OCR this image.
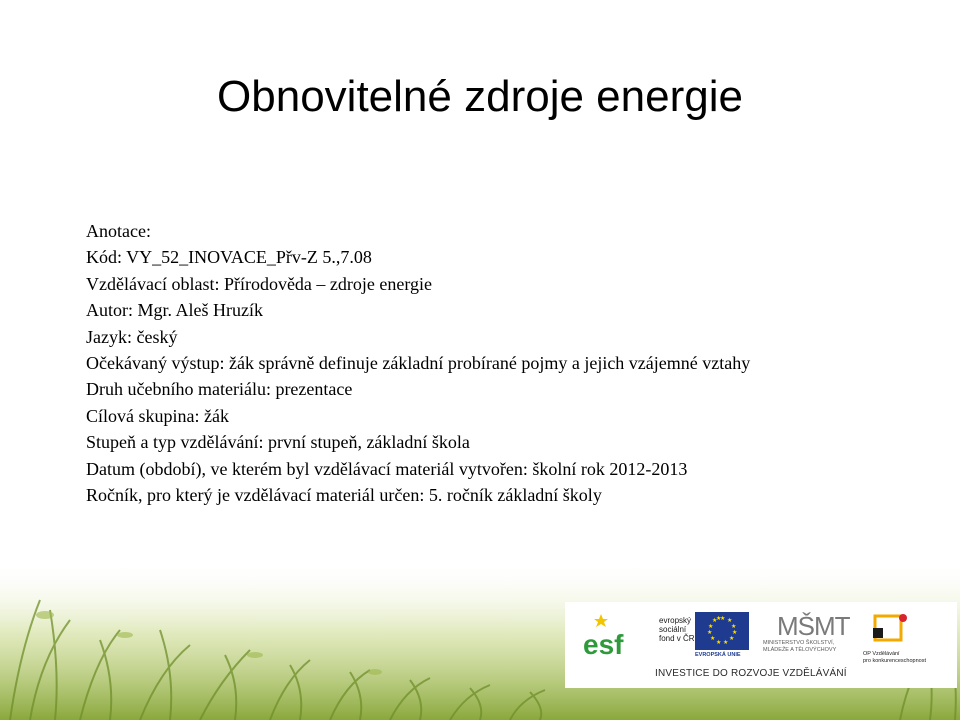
Obnovitelné zdroje energie
Anotace:
Kód: VY_52_INOVACE_Přv-Z 5.,7.08
Vzdělávací oblast: Přírodověda – zdroje energie
Autor: Mgr. Aleš Hruzík
Jazyk: český
Očekávaný výstup: žák správně definuje základní probírané pojmy a jejich vzájemné vztahy
Druh učebního materiálu: prezentace
Cílová skupina: žák
Stupeň a typ vzdělávání: první stupeň, základní škola
Datum (období), ve kterém byl vzdělávací materiál vytvořen: školní rok 2012-2013
Ročník, pro který je vzdělávací materiál určen: 5. ročník základní školy
esf
evropský
sociální
fond v ČR
★ ★
★
★
★
★
★
★
★
★
★
★
EVROPSKÁ UNIE
MŠMT
MINISTERSTVO ŠKOLSTVÍ,
MLÁDEŽE A TĚLOVÝCHOVY
OP Vzdělávání
pro konkurenceschopnost
INVESTICE DO ROZVOJE VZDĚLÁVÁNÍ
